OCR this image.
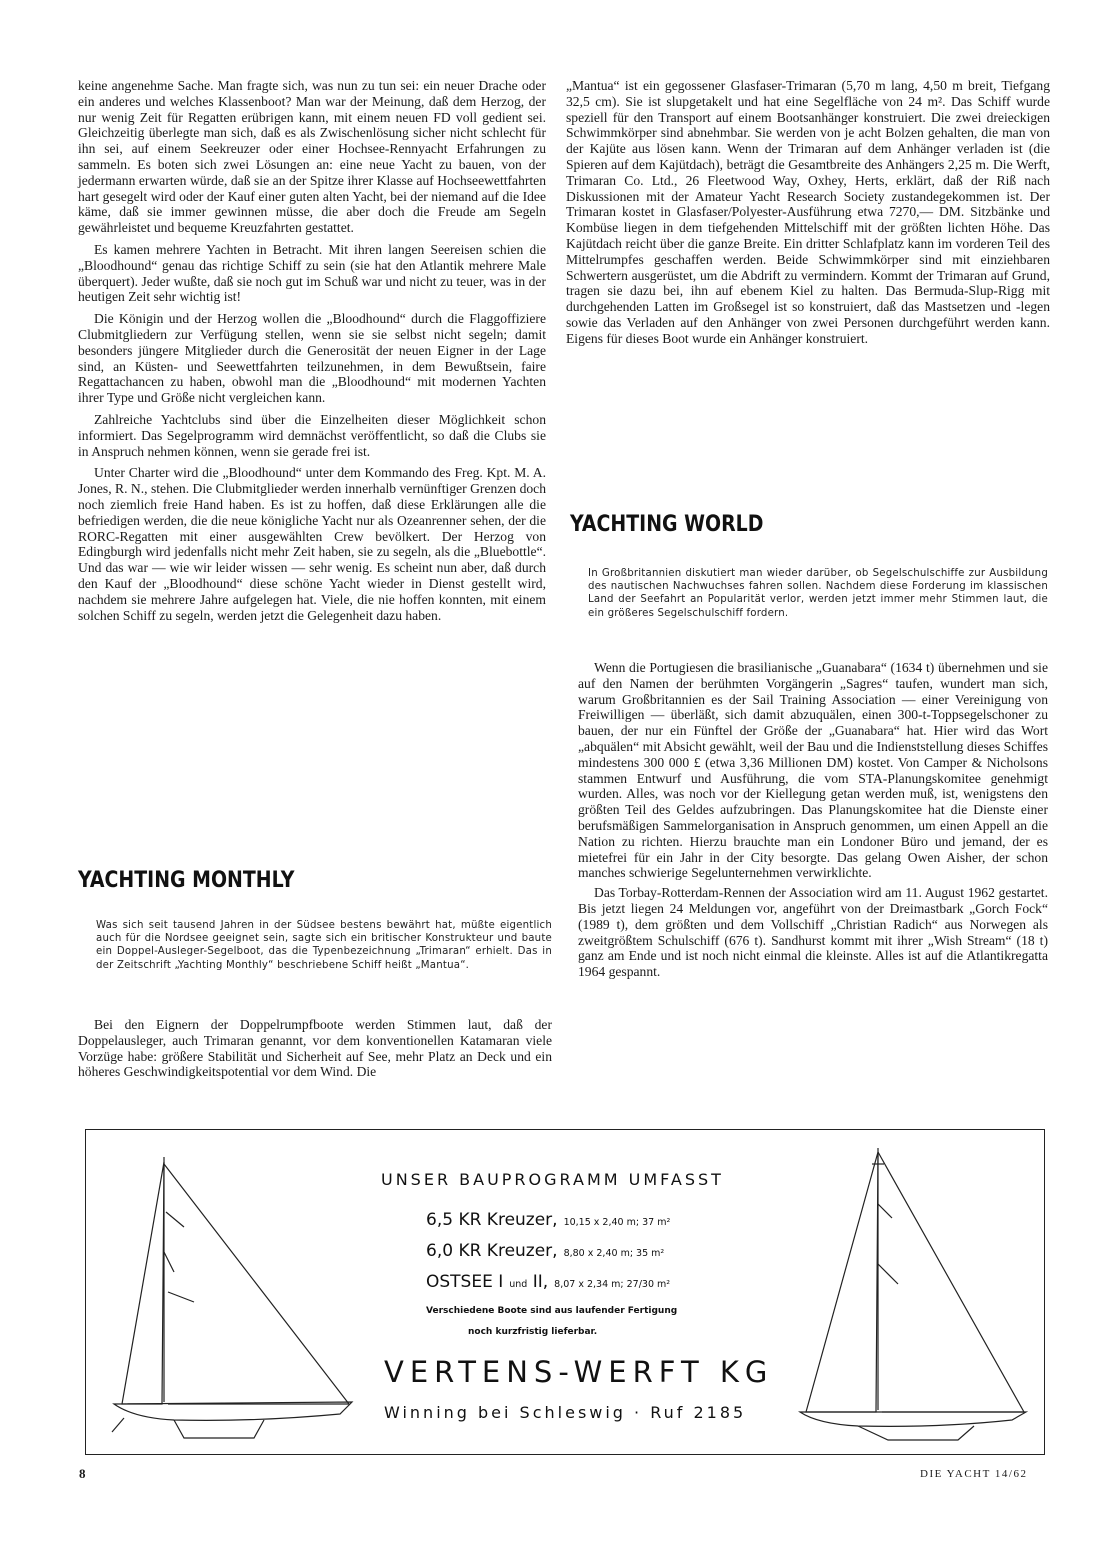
keine angenehme Sache. Man fragte sich, was nun zu tun sei: ein neuer Drache oder ein anderes und welches Klassenboot? Man war der Meinung, daß dem Herzog, der nur wenig Zeit für Regatten erübrigen kann, mit einem neuen FD voll gedient sei. Gleichzeitig überlegte man sich, daß es als Zwischenlösung sicher nicht schlecht für ihn sei, auf einem Seekreuzer oder einer Hochsee-Rennyacht Erfahrungen zu sammeln. Es boten sich zwei Lösungen an: eine neue Yacht zu bauen, von der jedermann erwarten würde, daß sie an der Spitze ihrer Klasse auf Hochseewettfahrten hart gesegelt wird oder der Kauf einer guten alten Yacht, bei der niemand auf die Idee käme, daß sie immer gewinnen müsse, die aber doch die Freude am Segeln gewährleistet und bequeme Kreuzfahrten gestattet.

Es kamen mehrere Yachten in Betracht. Mit ihren langen Seereisen schien die „Bloodhound“ genau das richtige Schiff zu sein (sie hat den Atlantik mehrere Male überquert). Jeder wußte, daß sie noch gut im Schuß war und nicht zu teuer, was in der heutigen Zeit sehr wichtig ist!

Die Königin und der Herzog wollen die „Bloodhound“ durch die Flaggoffiziere Clubmitgliedern zur Verfügung stellen, wenn sie sie selbst nicht segeln; damit besonders jüngere Mitglieder durch die Generosität der neuen Eigner in der Lage sind, an Küsten- und Seewettfahrten teilzunehmen, in dem Bewußtsein, faire Regattachancen zu haben, obwohl man die „Bloodhound“ mit modernen Yachten ihrer Type und Größe nicht vergleichen kann.

Zahlreiche Yachtclubs sind über die Einzelheiten dieser Möglichkeit schon informiert. Das Segelprogramm wird demnächst veröffentlicht, so daß die Clubs sie in Anspruch nehmen können, wenn sie gerade frei ist.

Unter Charter wird die „Bloodhound“ unter dem Kommando des Freg. Kpt. M. A. Jones, R. N., stehen. Die Clubmitglieder werden innerhalb vernünftiger Grenzen doch noch ziemlich freie Hand haben. Es ist zu hoffen, daß diese Erklärungen alle die befriedigen werden, die die neue königliche Yacht nur als Ozeanrenner sehen, der die RORC-Regatten mit einer ausgewählten Crew bevölkert. Der Herzog von Edingburgh wird jedenfalls nicht mehr Zeit haben, sie zu segeln, als die „Bluebottle“. Und das war — wie wir leider wissen — sehr wenig. Es scheint nun aber, daß durch den Kauf der „Bloodhound“ diese schöne Yacht wieder in Dienst gestellt wird, nachdem sie mehrere Jahre aufgelegen hat. Viele, die nie hoffen konnten, mit einem solchen Schiff zu segeln, werden jetzt die Gelegenheit dazu haben.

YACHTING MONTHLY
Was sich seit tausend Jahren in der Südsee bestens bewährt hat, müßte eigentlich auch für die Nordsee geeignet sein, sagte sich ein britischer Konstrukteur und baute ein Doppel-Ausleger-Segelboot, das die Typenbezeichnung „Trimaran“ erhielt. Das in der Zeitschrift „Yachting Monthly“ beschriebene Schiff heißt „Mantua“.

Bei den Eignern der Doppelrumpfboote werden Stimmen laut, daß der Doppelausleger, auch Trimaran genannt, vor dem konventionellen Katamaran viele Vorzüge habe: größere Stabilität und Sicherheit auf See, mehr Platz an Deck und ein höheres Geschwindigkeitspotential vor dem Wind. Die

„Mantua“ ist ein gegossener Glasfaser-Trimaran (5,70 m lang, 4,50 m breit, Tiefgang 32,5 cm). Sie ist slupgetakelt und hat eine Segelfläche von 24 m². Das Schiff wurde speziell für den Transport auf einem Bootsanhänger konstruiert. Die zwei dreieckigen Schwimmkörper sind abnehmbar. Sie werden von je acht Bolzen gehalten, die man von der Kajüte aus lösen kann. Wenn der Trimaran auf dem Anhänger verladen ist (die Spieren auf dem Kajütdach), beträgt die Gesamtbreite des Anhängers 2,25 m. Die Werft, Trimaran Co. Ltd., 26 Fleetwood Way, Oxhey, Herts, erklärt, daß der Riß nach Diskussionen mit der Amateur Yacht Research Society zustandegekommen ist. Der Trimaran kostet in Glasfaser/Polyester-Ausführung etwa 7270,— DM. Sitzbänke und Kombüse liegen in dem tiefgehenden Mittelschiff mit der größten lichten Höhe. Das Kajütdach reicht über die ganze Breite. Ein dritter Schlafplatz kann im vorderen Teil des Mittelrumpfes geschaffen werden. Beide Schwimmkörper sind mit einziehbaren Schwertern ausgerüstet, um die Abdrift zu vermindern. Kommt der Trimaran auf Grund, tragen sie dazu bei, ihn auf ebenem Kiel zu halten. Das Bermuda-Slup-Rigg mit durchgehenden Latten im Großsegel ist so konstruiert, daß das Mastsetzen und -legen sowie das Verladen auf den Anhänger von zwei Personen durchgeführt werden kann. Eigens für dieses Boot wurde ein Anhänger konstruiert.

YACHTING WORLD
In Großbritannien diskutiert man wieder darüber, ob Segelschulschiffe zur Ausbildung des nautischen Nachwuchses fahren sollen. Nachdem diese Forderung im klassischen Land der Seefahrt an Popularität verlor, werden jetzt immer mehr Stimmen laut, die ein größeres Segelschulschiff fordern.

Wenn die Portugiesen die brasilianische „Guanabara“ (1634 t) übernehmen und sie auf den Namen der berühmten Vorgängerin „Sagres“ taufen, wundert man sich, warum Großbritannien es der Sail Training Association — einer Vereinigung von Freiwilligen — überläßt, sich damit abzuquälen, einen 300-t-Toppsegelschoner zu bauen, der nur ein Fünftel der Größe der „Guanabara“ hat. Hier wird das Wort „abquälen“ mit Absicht gewählt, weil der Bau und die Indienststellung dieses Schiffes mindestens 300 000 £ (etwa 3,36 Millionen DM) kostet. Von Camper & Nicholsons stammen Entwurf und Ausführung, die vom STA-Planungskomitee genehmigt wurden. Alles, was noch vor der Kiellegung getan werden muß, ist, wenigstens den größten Teil des Geldes aufzubringen. Das Planungskomitee hat die Dienste einer berufsmäßigen Sammelorganisation in Anspruch genommen, um einen Appell an die Nation zu richten. Hierzu brauchte man ein Londoner Büro und jemand, der es mietefrei für ein Jahr in der City besorgte. Das gelang Owen Aisher, der schon manches schwierige Segelunternehmen verwirklichte.

Das Torbay-Rotterdam-Rennen der Association wird am 11. August 1962 gestartet. Bis jetzt liegen 24 Meldungen vor, angeführt von der Dreimastbark „Gorch Fock“ (1989 t), dem größten und dem Vollschiff „Christian Radich“ aus Norwegen als zweitgrößtem Schulschiff (676 t). Sandhurst kommt mit ihrer „Wish Stream“ (18 t) ganz am Ende und ist noch nicht einmal die kleinste. Alles ist auf die Atlantikregatta 1964 gespannt.

UNSER BAUPROGRAMM UMFASST
6,5 KR Kreuzer, 10,15 x 2,40 m; 37 m²
6,0 KR Kreuzer, 8,80 x 2,40 m; 35 m²
OSTSEE I und II, 8,07 x 2,34 m; 27/30 m²
Verschiedene Boote sind aus laufender Fertigung
noch kurzfristig lieferbar.
VERTENS-WERFT KG
Winning bei Schleswig · Ruf 2185
8	DIE YACHT 14/62
